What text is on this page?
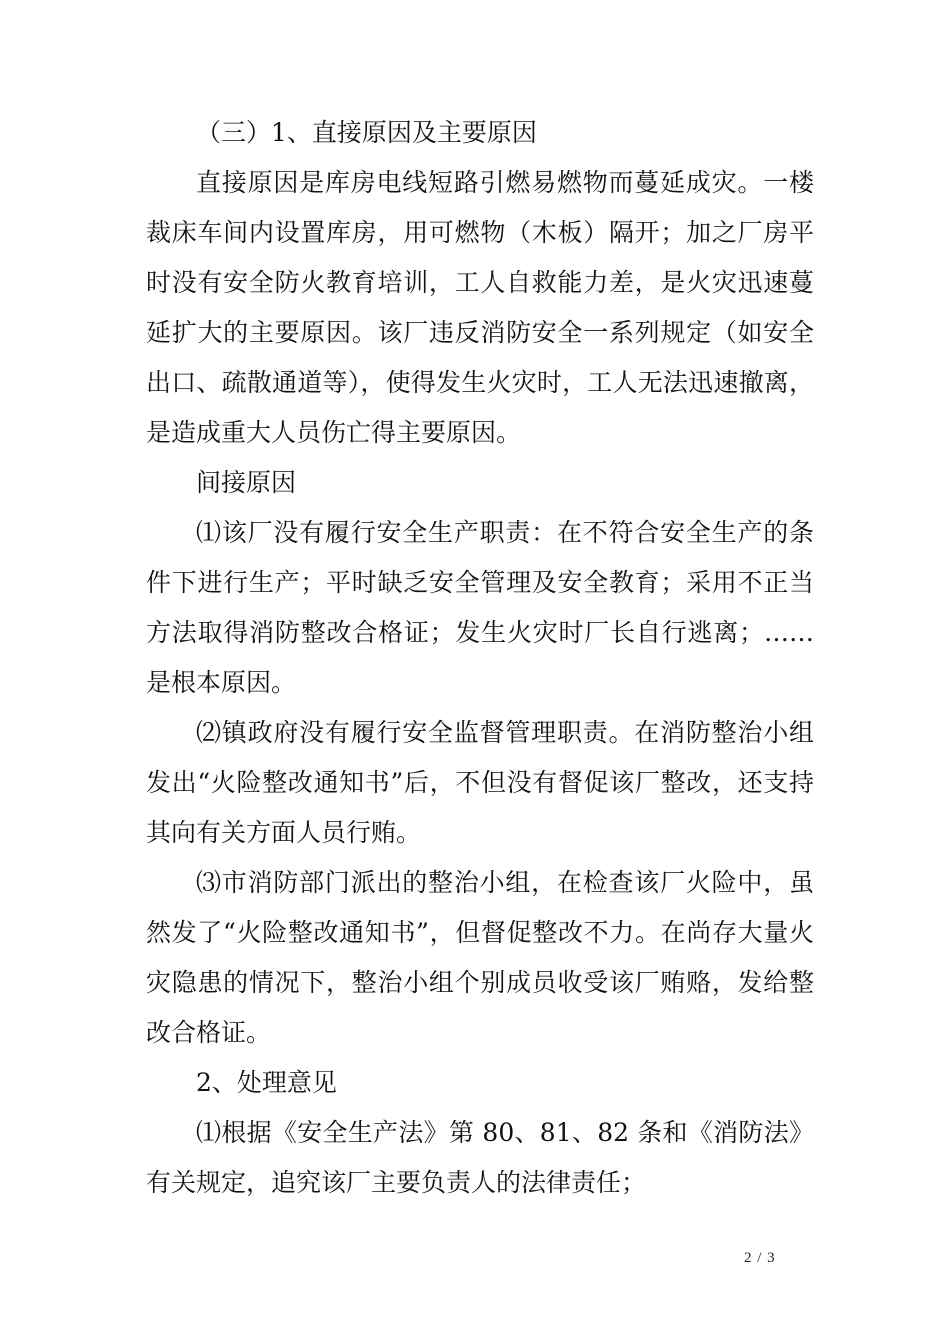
（三）1、直接原因及主要原因

直接原因是库房电线短路引燃易燃物而蔓延成灾。一楼裁床车间内设置库房，用可燃物（木板）隔开；加之厂房平时没有安全防火教育培训，工人自救能力差，是火灾迅速蔓延扩大的主要原因。该厂违反消防安全一系列规定（如安全出口、疏散通道等），使得发生火灾时，工人无法迅速撤离，是造成重大人员伤亡得主要原因。

间接原因

⑴该厂没有履行安全生产职责：在不符合安全生产的条件下进行生产；平时缺乏安全管理及安全教育；采用不正当方法取得消防整改合格证；发生火灾时厂长自行逃离；……是根本原因。

⑵镇政府没有履行安全监督管理职责。在消防整治小组发出“火险整改通知书”后，不但没有督促该厂整改，还支持其向有关方面人员行贿。

⑶市消防部门派出的整治小组，在检查该厂火险中，虽然发了“火险整改通知书”，但督促整改不力。在尚存大量火灾隐患的情况下，整治小组个别成员收受该厂贿赂，发给整改合格证。

2、处理意见

⑴根据《安全生产法》第 80、81、82 条和《消防法》有关规定，追究该厂主要负责人的法律责任；

2 / 3
